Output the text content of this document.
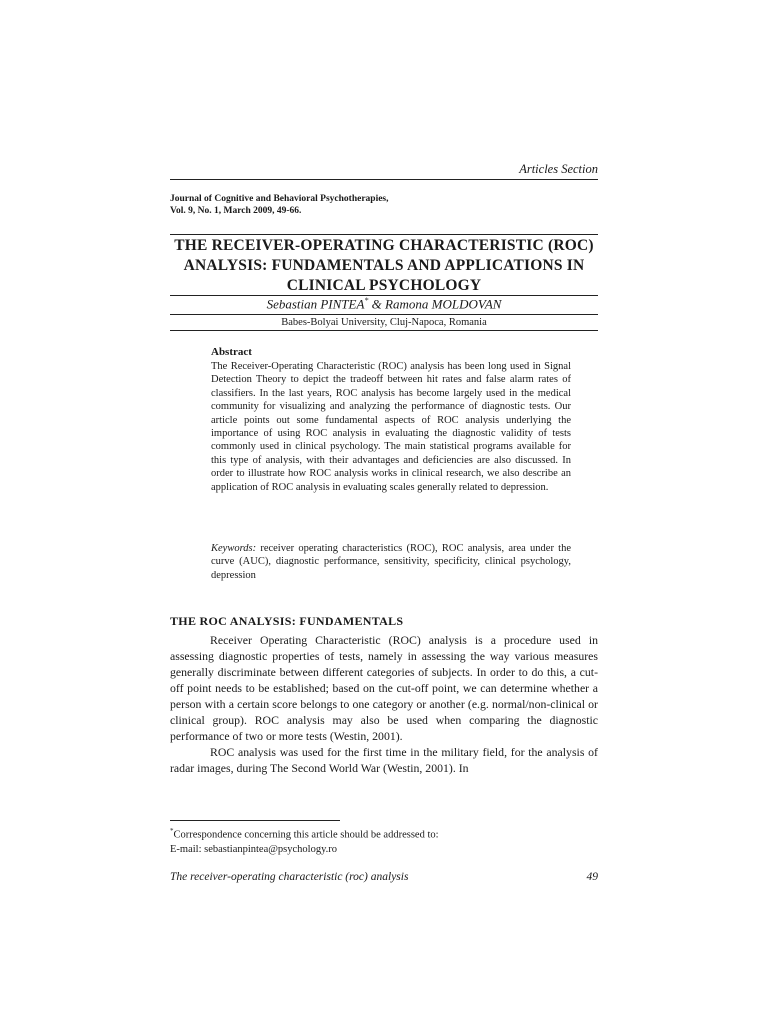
Articles Section
Journal of Cognitive and Behavioral Psychotherapies,
Vol. 9, No. 1, March 2009, 49-66.
THE RECEIVER-OPERATING CHARACTERISTIC (ROC) ANALYSIS: FUNDAMENTALS AND APPLICATIONS IN CLINICAL PSYCHOLOGY
Sebastian PINTEA* & Ramona MOLDOVAN
Babes-Bolyai University, Cluj-Napoca, Romania
Abstract
The Receiver-Operating Characteristic (ROC) analysis has been long used in Signal Detection Theory to depict the tradeoff between hit rates and false alarm rates of classifiers. In the last years, ROC analysis has become largely used in the medical community for visualizing and analyzing the performance of diagnostic tests. Our article points out some fundamental aspects of ROC analysis underlying the importance of using ROC analysis in evaluating the diagnostic validity of tests commonly used in clinical psychology. The main statistical programs available for this type of analysis, with their advantages and deficiencies are also discussed. In order to illustrate how ROC analysis works in clinical research, we also describe an application of ROC analysis in evaluating scales generally related to depression.
Keywords: receiver operating characteristics (ROC), ROC analysis, area under the curve (AUC), diagnostic performance, sensitivity, specificity, clinical psychology, depression
THE ROC ANALYSIS: FUNDAMENTALS

Receiver Operating Characteristic (ROC) analysis is a procedure used in assessing diagnostic properties of tests, namely in assessing the way various measures generally discriminate between different categories of subjects. In order to do this, a cut-off point needs to be established; based on the cut-off point, we can determine whether a person with a certain score belongs to one category or another (e.g. normal/non-clinical or clinical group). ROC analysis may also be used when comparing the diagnostic performance of two or more tests (Westin, 2001).

ROC analysis was used for the first time in the military field, for the analysis of radar images, during The Second World War (Westin, 2001). In

*Correspondence concerning this article should be addressed to:
E-mail: sebastianpintea@psychology.ro
The receiver-operating characteristic (roc) analysis	49
